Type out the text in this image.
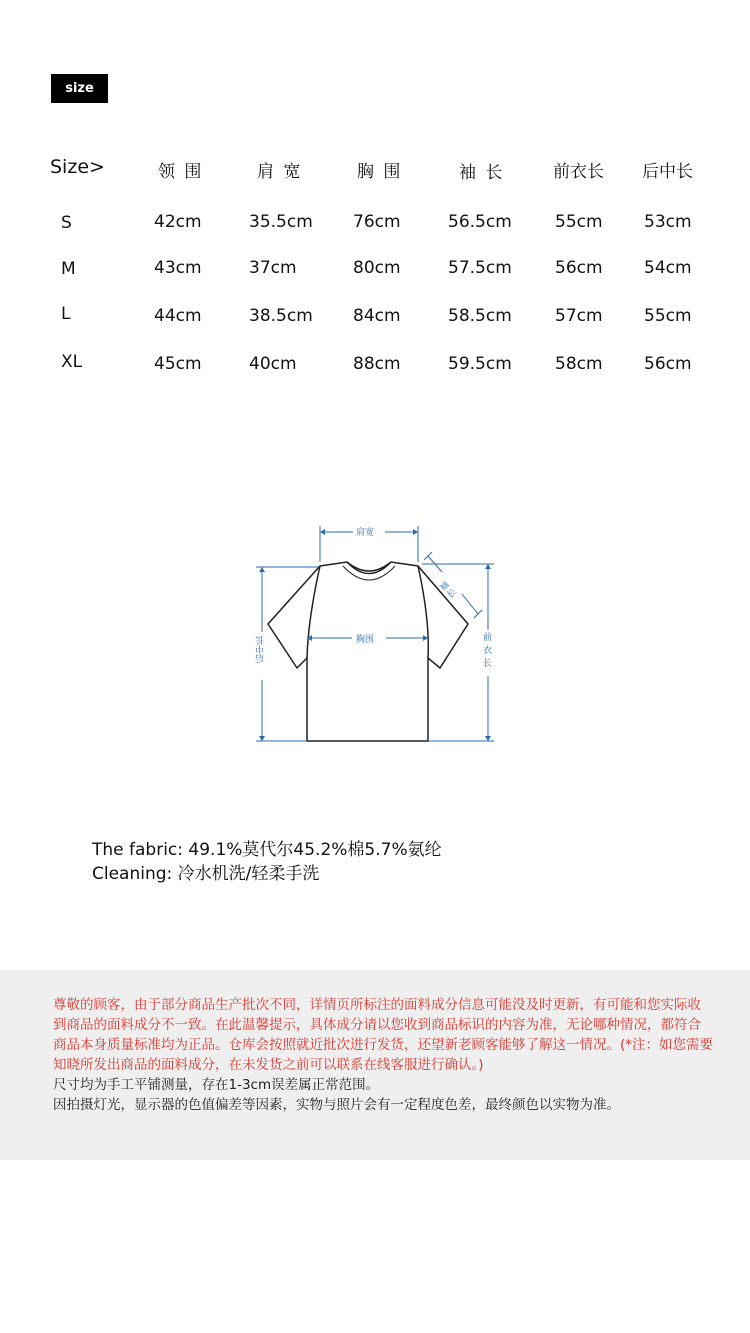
size
Size>	领 围	肩 宽	胸 围	袖 长	前衣长 后中长
S	42cm	35.5cm 76cm	56.5cm	55cm 53cm
M	43cm	37cm	80cm	57.5cm	56cm 54cm
L	44cm	38.5cm 84cm	58.5cm	57cm 55cm
XL	45cm	40cm	88cm	59.5cm	58cm 56cm
肩宽
胸围
袖长
前衣长
后中长
The fabric: 49.1%莫代尔45.2%棉5.7%氨纶
Cleaning: 冷水机洗/轻柔手洗
尊敬的顾客，由于部分商品生产批次不同，详情页所标注的面料成分信息可能没及时更新，有可能和您实际收到商品的面料成分不一致。在此温馨提示，具体成分请以您收到商品标识的内容为准，无论哪种情况，都符合商品本身质量标准均为正品。仓库会按照就近批次进行发货，还望新老顾客能够了解这一情况。(*注：如您需要知晓所发出商品的面料成分，在未发货之前可以联系在线客服进行确认。)
尺寸均为手工平铺测量，存在1-3cm误差属正常范围。
因拍摄灯光，显示器的色值偏差等因素，实物与照片会有一定程度色差，最终颜色以实物为准。
